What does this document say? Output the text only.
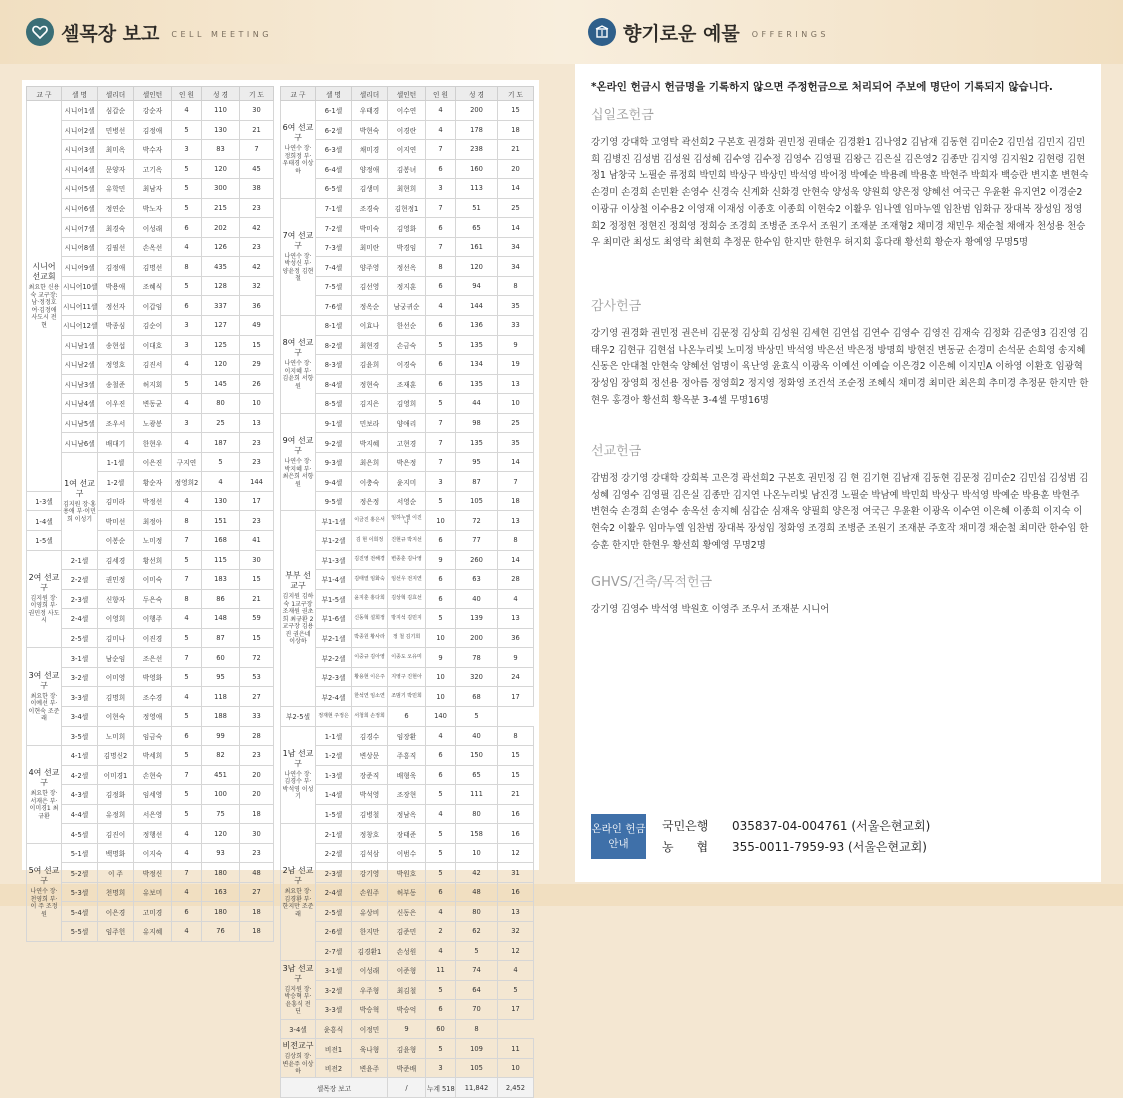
셀목장 보고 CELL MEETING	향기로운 예물 OFFERINGS
교 구	셀 명	셀리더	셀인턴	인 원	성 경	기 도	

시니어 선교회
최요한 신용숙 교구장: 남·정정호 여·김정애 사도시 전 현	시니어1셀	심갑순	강순자	4	110	30	
	시니어2셀	민병선	김정애	5	130	21	
	시니어3셀	최미옥	박수자	3	83	7	
	시니어4셀	문양자	고기옥	5	120	45	
	시니어5셀	유학민	최남자	5	300	38	
	시니어6셀	정연순	박노자	5	215	23	
	시니어7셀	최경숙	이성래	6	202	42	
	시니어8셀	김필선	손옥선	4	126	23	
	시니어9셀	김정애	김명선	8	435	42	
	시니어10셀	박용애	조혜식	5	128	32	
	시니어11셀	정선자	이갑임	6	337	36	
	시니어12셀	박종심	김순이	3	127	49	
	시니남1셀	송현섭	이대호	3	125	15	
	시니남2셀	정영호	김진서	4	120	29	
	시니남3셀	송철준	허지회	5	145	26	
	시니남4셀	이우진	변동균	4	80	10	
	시니남5셀	조우서	노광봉	3	25	13	
	시니남6셀	배대기	한현우	4	187	23	

	1여 선교구
김지원 장·홍용애 부·이민희 이성기	1-1셀	이은진	구지연	5	23	
		1-2셀	황순자	정영희2	4	144	
1-3셀		김미라	박정선	4	130	17	
1-4셀		박미선	최정아	8	151	23	
1-5셀		이봉순	노미정	7	168	41	

2여 선교구
김지원 장·이영희 부·권민정 사도시	2-1셀	김세경	황선희	5	115	30	
	2-2셀	권민정	이미숙	7	183	15	
	2-3셀	신향자	두은숙	8	86	21	
	2-4셀	이영희	이행주	4	148	59	
	2-5셀	김미나	이진경	5	87	15	

3여 선교구
최요한 장·이예선 부·이현숙 조준래	3-1셀	남순임	조은선	7	60	72	
	3-2셀	이미영	박영화	5	95	53	
	3-3셀	김명희	조수경	4	118	27	
	3-4셀	이현숙	정영애	5	188	33	
	3-5셀	노미희	임금숙	6	99	28	

4여 선교구
최요한 장·서재은 부·이미경1 최규환	4-1셀	김명신2	박세희	5	82	23	
	4-2셀	이미경1	손현숙	7	451	20	
	4-3셀	김정화	임세영	5	100	20	
	4-4셀	유정희	서은영	5	75	18	
	4-5셀	김진이	정행선	4	120	30	

5여 선교구
나연수 장·천영희 부·이 주 조정원	5-1셀	백명화	이지숙	4	93	23	
	5-2셀	이 주	박정신	7	180	48	
	5-3셀	천명희	유보미	4	163	27	
	5-4셀	이은경	고미경	6	180	18	
	5-5셀	임주헌	유지혜	4	76	18	
교 구	셀 명	셀리더	셀인턴	인 원	성 경	기 도

6여 선교구
나연수 장·정희정 부·우태경 이상하	6-1셀	우태경	이수연	4	200	15
	6-2셀	박현숙	이경란	4	178	18
	6-3셀	채미경	이지연	7	238	21
	6-4셀	양정애	김봉녀	6	160	20
	6-5셀	김생미	최현희	3	113	14

7여 선교구
나연수 장·박성신 부·양윤정 김현철	7-1셀	조경숙	김현정1	7	51	25
	7-2셀	박미숙	김영화	6	65	14
	7-3셀	최미란	박경임	7	161	34
	7-4셀	양주영	정선옥	8	120	34
	7-5셀	김선영	정지훈	6	94	8
	7-6셀	정옥순	남궁귀순	4	144	35

8여 선교구
나연수 장·이지혜 부·김윤희 서항원	8-1셀	이효나	한선순	6	136	33
	8-2셀	최현경	손금숙	5	135	9
	8-3셀	김윤희	이경숙	6	134	19
	8-4셀	정현숙	조재훈	6	135	13
	8-5셀	김지은	김영희	5	44	10

9여 선교구
나연수 장·박지혜 부·최은희 서항원	9-1셀	민보라	양애리	7	98	25
	9-2셀	박지혜	고현경	7	135	35
	9-3셀	최은희	박은정	7	95	14
	9-4셀	이충숙	윤지미	3	87	7
	9-5셀	정은정	서영순	5	105	18

부부 선교구
김지원 김하숙 1교구장 조재원 권초희 최규환 2교구장 김용진 권은네 이상하	부1-1셀	이금진 홍은서	임하누엘 이진나	10	72	13
	부1-2셀	김 현 이희정	진현규 박지선	6	77	8
	부1-3셀	김진영 전해경	변종훈 김나영	9	260	14
	부1-4셀	김태열 임화숙	임선우 전지연	6	63	28
	부1-5셀	윤지훈 홍다희	김상혁 김효선	6	40	4
	부1-6셀	신동혁 설희정	방지석 김민지	5	139	13
	부2-1셀	박종원 황사라	정 철 김기희	10	200	36
	부2-2셀	이중규 김아영	이종도 오유미	9	78	9
	부2-3셀	황용현 이은주	지영구 진현아	10	320	24
	부2-4셀	한석연 임소연	조범기 박민희	10	68	17
부2-5셀	정재현 주정은	서청희 손정희	6	140	5	

1남 선교구
나연수 장·김경수 부·박석영 이성기	1-1셀	김경수	임장환	4	40	8
	1-2셀	변상문	주흥직	6	150	15
	1-3셀	장준직	배형욱	6	65	15
	1-4셀	박석영	조장현	5	111	21
	1-5셀	김병철	정남옥	4	80	16

2남 선교구
최요한 장·김경환 부·한지만 조준래	2-1셀	정창호	장태준	5	158	16
	2-2셀	김석삼	이범수	5	10	12
	2-3셀	강기영	박원호	5	42	31
	2-4셀	손원주	허부동	6	48	16
	2-5셀	유상비	신동은	4	80	13
	2-6셀	한지만	김준민	2	62	32
	2-7셀	김경환1	손성원	4	5	12

3남 선교구
김지원 장·박승혁 부·윤흥식 전 딘	3-1셀	이성래	이준형	11	74	4
	3-2셀	우주형	최김철	5	64	5
	3-3셀	박승혁	박승억	6	70	17
3-4셀	윤흥식	이정민	9	60	8	

비전교구
김상희 장·변윤주 이상하	비전1	육나형	김윤형	5	109	11
	비전2	변윤주	박준배	3	105	10
셀목장 보고			/	누계 518	11,842	2,452
*온라인 헌금시 헌금명을 기록하지 않으면 주정헌금으로 처리되어 주보에 명단이 기록되지 않습니다.
십일조헌금

강기영 강대학 고영탁 곽선희2 구본호 권경화 권민정 권태순 김경환1 김나영2 김남재 김동현 김미순2 김민섭 김민지 김민희 김병진 김성범 김성원 김성혜 김수영 김수정 김영수 김영필 김왕근 김은실 김은영2 김종만 김지영 김지원2 김현령 김현정1 남창국 노필순 류정희 박민희 박상구 박상민 박석영 박어정 박예순 박용례 박용훈 박현주 박희자 백승란 변지훈 변현숙 손경미 손경희 손민환 손영수 신경숙 신계화 신화경 안현숙 양성욱 양원희 양은정 양혜선 여국근 우윤환 유지연2 이경순2 이광규 이상철 이수용2 이영재 이재성 이종호 이종희 이현숙2 이활우 임나엘 임마누엘 임찬범 임화규 장대복 장성임 정영희2 정정현 정현진 정희영 정희승 조경희 조병준 조우서 조원기 조재분 조재형2 채미경 채민우 채순철 채애자 천성용 천승우 최미란 최성도 최영락 최현희 추정문 한수임 한지만 한현우 허지회 홍다래 황선희 황순자 황예영 무명5명

감사헌금

강기영 권경화 권민정 권은비 김문정 김상희 김성원 김세현 김연섭 김연수 김영수 김영진 김재숙 김정화 김준영3 김진영 김태우2 김현규 김현섭 나온누리빛 노미정 박상민 박석영 박은선 박은정 방명희 방현진 변동균 손경미 손석문 손희영 송지혜 신동은 안대철 안현숙 양혜선 엄명이 육난영 윤효식 이광옥 이예선 이예슬 이은경2 이은혜 이지민A 이하영 이환호 임광혁 장성임 장영희 정선용 정아름 정영희2 정지영 정화영 조건석 조순정 조혜식 채미경 최미란 최은희 추미경 추정문 한지만 한현우 홍경아 황선희 황옥분 3-4셀 무명16명

선교헌금

감범정 강기영 강대학 강희복 고은경 곽선희2 구본호 권민정 김 현 김기현 김남재 김동현 김문정 김미순2 김민섭 김성범 김성혜 김영수 김영필 김은실 김종만 김지연 나온누리빛 남진경 노필순 박남예 박민희 박상구 박석영 박예순 박용훈 박현주 변현숙 손경희 손영수 송옥선 송지혜 심갑순 심재옥 양필희 양은정 여국근 우윤환 이광옥 이수연 이은혜 이종희 이지숙 이현숙2 이활우 임마누엘 임찬범 장대복 장성임 정화영 조경희 조병준 조원기 조재분 주호작 채미경 채순철 최미란 한수임 한승훈 한지만 한현우 황선희 황예영 무명2명

GHVS/건축/목적헌금

강기영 김영수 박석영 박원호 이영주 조우서 조재분 시니어

온라인 헌금안내
국민은행 035837-04-004761 (서울은현교회)
농      협 355-0011-7959-93 (서울은현교회)
